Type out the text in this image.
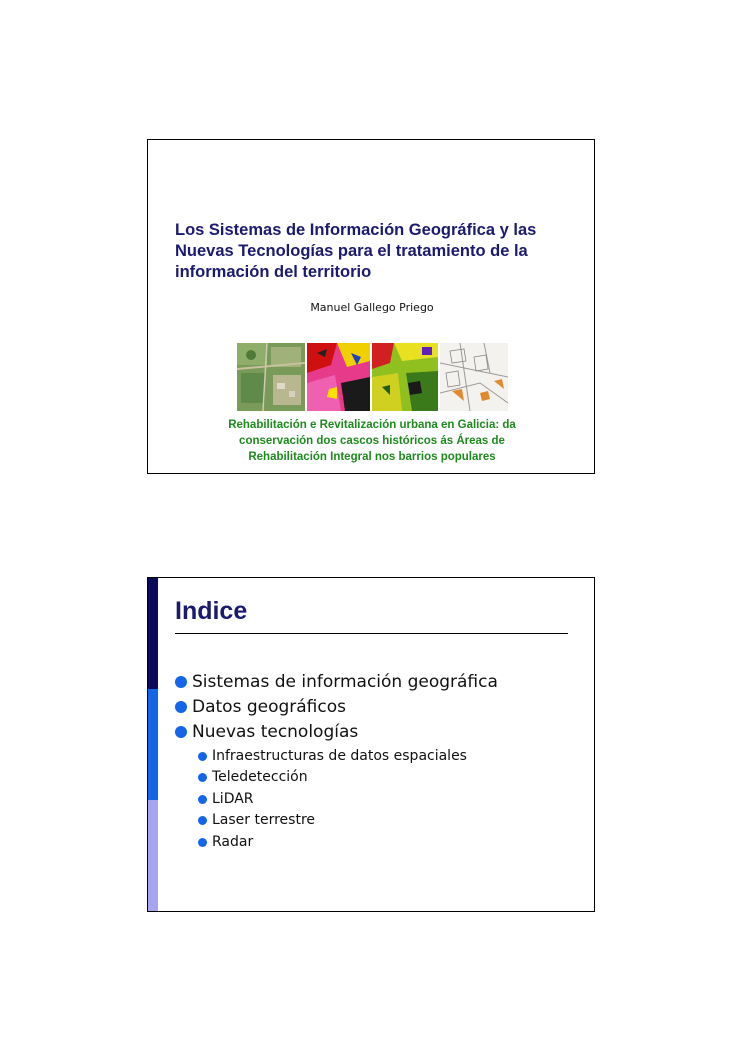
Los Sistemas de Información Geográfica y las
Nuevas Tecnologías para el tratamiento de la
información del territorio
Manuel Gallego Priego
Rehabilitación e Revitalización urbana en Galicia: da
conservación dos cascos históricos ás Áreas de
Rehabilitación Integral nos barrios populares
Indice
Sistemas de información geográfica
Datos geográficos
Nuevas tecnologías
Infraestructuras de datos espaciales
Teledetección
LiDAR
Laser terrestre
Radar
